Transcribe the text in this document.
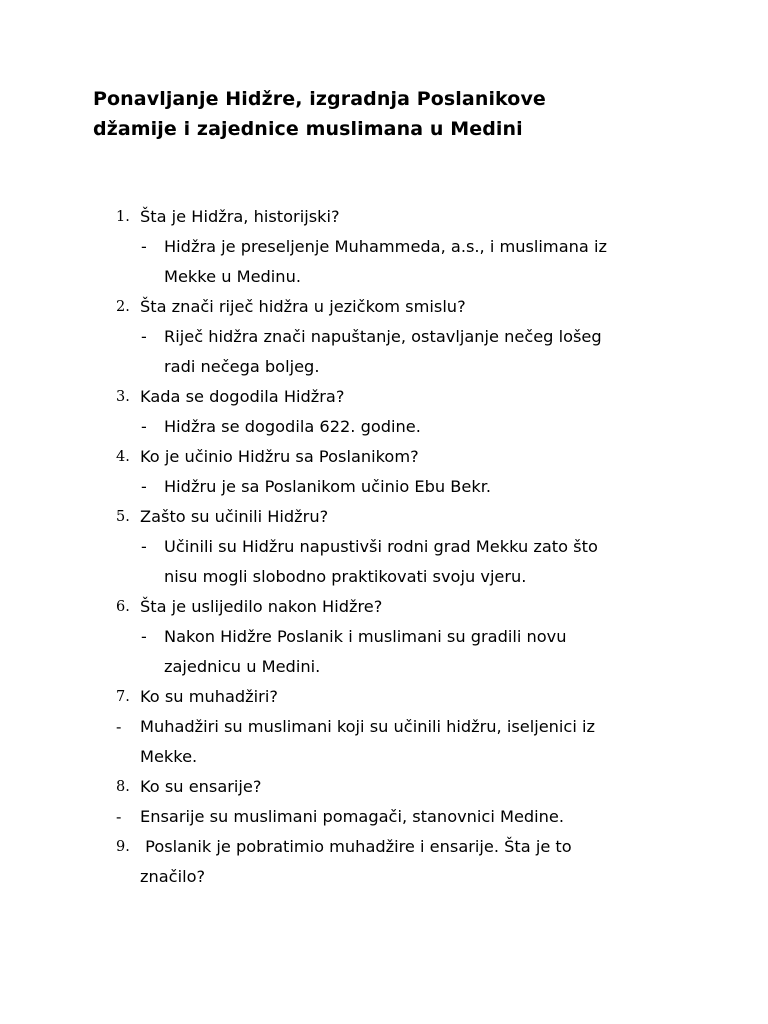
Ponavljanje Hidžre, izgradnja Poslanikove
džamije i zajednice muslimana u Medini
1. Šta je Hidžra, historijski?
- Hidžra je preseljenje Muhammeda, a.s., i muslimana iz
Mekke u Medinu.
2. Šta znači riječ hidžra u jezičkom smislu?
- Riječ hidžra znači napuštanje, ostavljanje nečeg lošeg
radi nečega boljeg.
3. Kada se dogodila Hidžra?
- Hidžra se dogodila 622. godine.
4. Ko je učinio Hidžru sa Poslanikom?
- Hidžru je sa Poslanikom učinio Ebu Bekr.
5. Zašto su učinili Hidžru?
- Učinili su Hidžru napustivši rodni grad Mekku zato što
nisu mogli slobodno praktikovati svoju vjeru.
6. Šta je uslijedilo nakon Hidžre?
- Nakon Hidžre Poslanik i muslimani su gradili novu
zajednicu u Medini.
7. Ko su muhadžiri?
- Muhadžiri su muslimani koji su učinili hidžru, iseljenici iz
Mekke.
8. Ko su ensarije?
- Ensarije su muslimani pomagači, stanovnici Medine.
9. Poslanik je pobratimio muhadžire i ensarije. Šta je to
značilo?
